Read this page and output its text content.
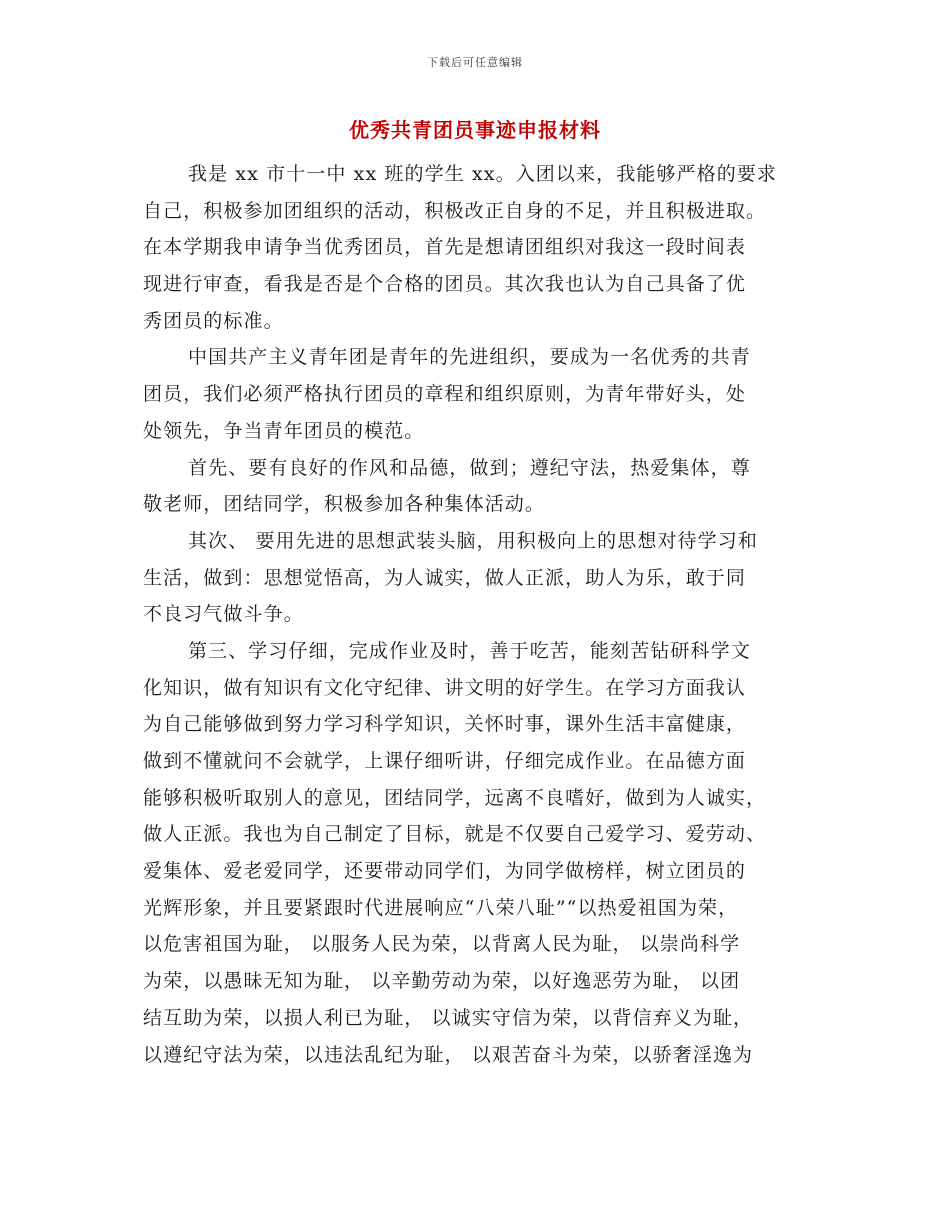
下载后可任意编辑
优秀共青团员事迹申报材料
我是 xx 市十一中 xx 班的学生 xx。入团以来，我能够严格的要求
自己，积极参加团组织的活动，积极改正自身的不足，并且积极进取。
在本学期我申请争当优秀团员，首先是想请团组织对我这一段时间表
现进行审查，看我是否是个合格的团员。其次我也认为自己具备了优
秀团员的标准。
中国共产主义青年团是青年的先进组织，要成为一名优秀的共青
团员，我们必须严格执行团员的章程和组织原则，为青年带好头，处
处领先，争当青年团员的模范。
首先、要有良好的作风和品德，做到；遵纪守法，热爱集体，尊
敬老师，团结同学，积极参加各种集体活动。
其次、 要用先进的思想武装头脑，用积极向上的思想对待学习和
生活，做到：思想觉悟高，为人诚实，做人正派，助人为乐，敢于同
不良习气做斗争。
第三、学习仔细，完成作业及时，善于吃苦，能刻苦钻研科学文
化知识，做有知识有文化守纪律、讲文明的好学生。在学习方面我认
为自己能够做到努力学习科学知识，关怀时事，课外生活丰富健康，
做到不懂就问不会就学，上课仔细听讲，仔细完成作业。在品德方面
能够积极听取别人的意见，团结同学，远离不良嗜好，做到为人诚实，
做人正派。我也为自己制定了目标，就是不仅要自己爱学习、爱劳动、
爱集体、爱老爱同学，还要带动同学们，为同学做榜样，树立团员的
光辉形象，并且要紧跟时代进展响应“八荣八耻”“以热爱祖国为荣，
以危害祖国为耻， 以服务人民为荣，以背离人民为耻， 以崇尚科学
为荣，以愚昧无知为耻， 以辛勤劳动为荣，以好逸恶劳为耻， 以团
结互助为荣，以损人利已为耻， 以诚实守信为荣，以背信弃义为耻，
以遵纪守法为荣，以违法乱纪为耻， 以艰苦奋斗为荣，以骄奢淫逸为
